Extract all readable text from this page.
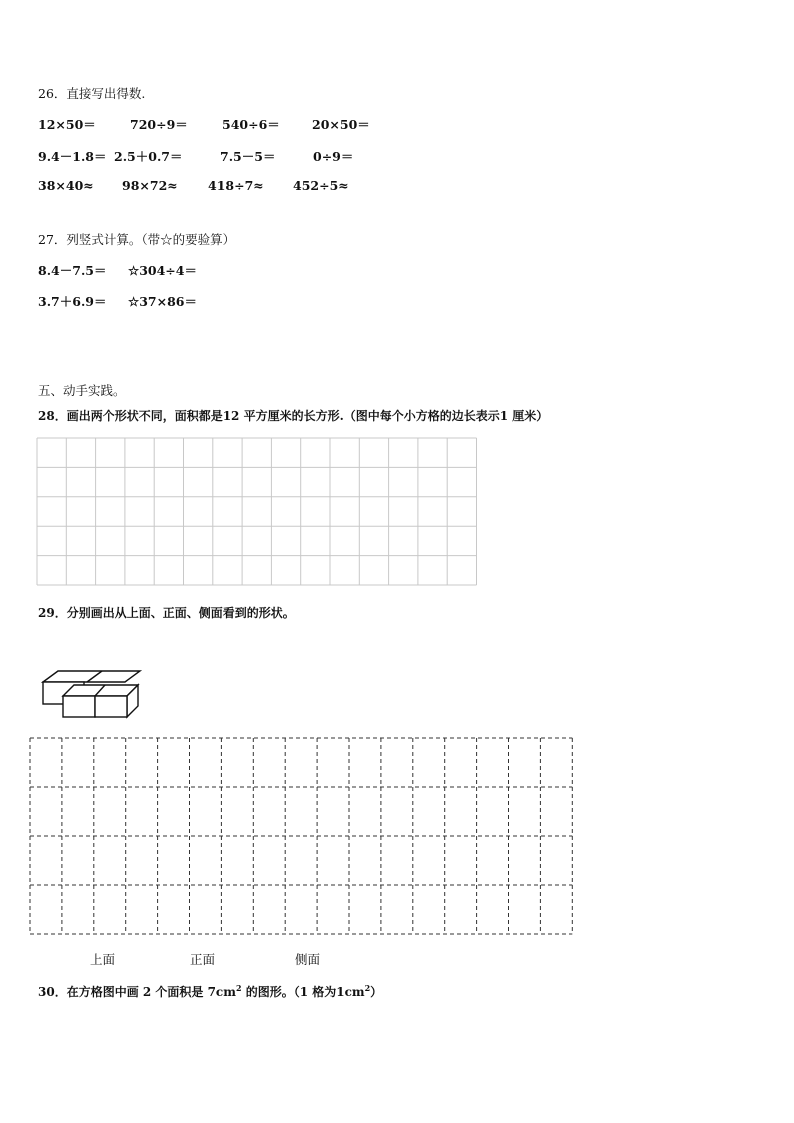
26．直接写出得数.
12×50＝	720÷9＝	540÷6＝	20×50＝
9.4－1.8＝ 2.5＋0.7＝	7.5－5＝	0÷9＝
38×40≈ 98×72≈ 418÷7≈ 452÷5≈
27．列竖式计算。（带☆的要验算）
8.4－7.5＝ ☆304÷4＝
3.7＋6.9＝ ☆37×86＝
五、动手实践。
28．画出两个形状不同，面积都是12 平方厘米的长方形.（图中每个小方格的边长表示1 厘米）
29．分别画出从上面、正面、侧面看到的形状。
上面	正面	侧面
30．在方格图中画 2 个面积是 $7cm^2$ 的图形。（1 格为$1cm^2$）
